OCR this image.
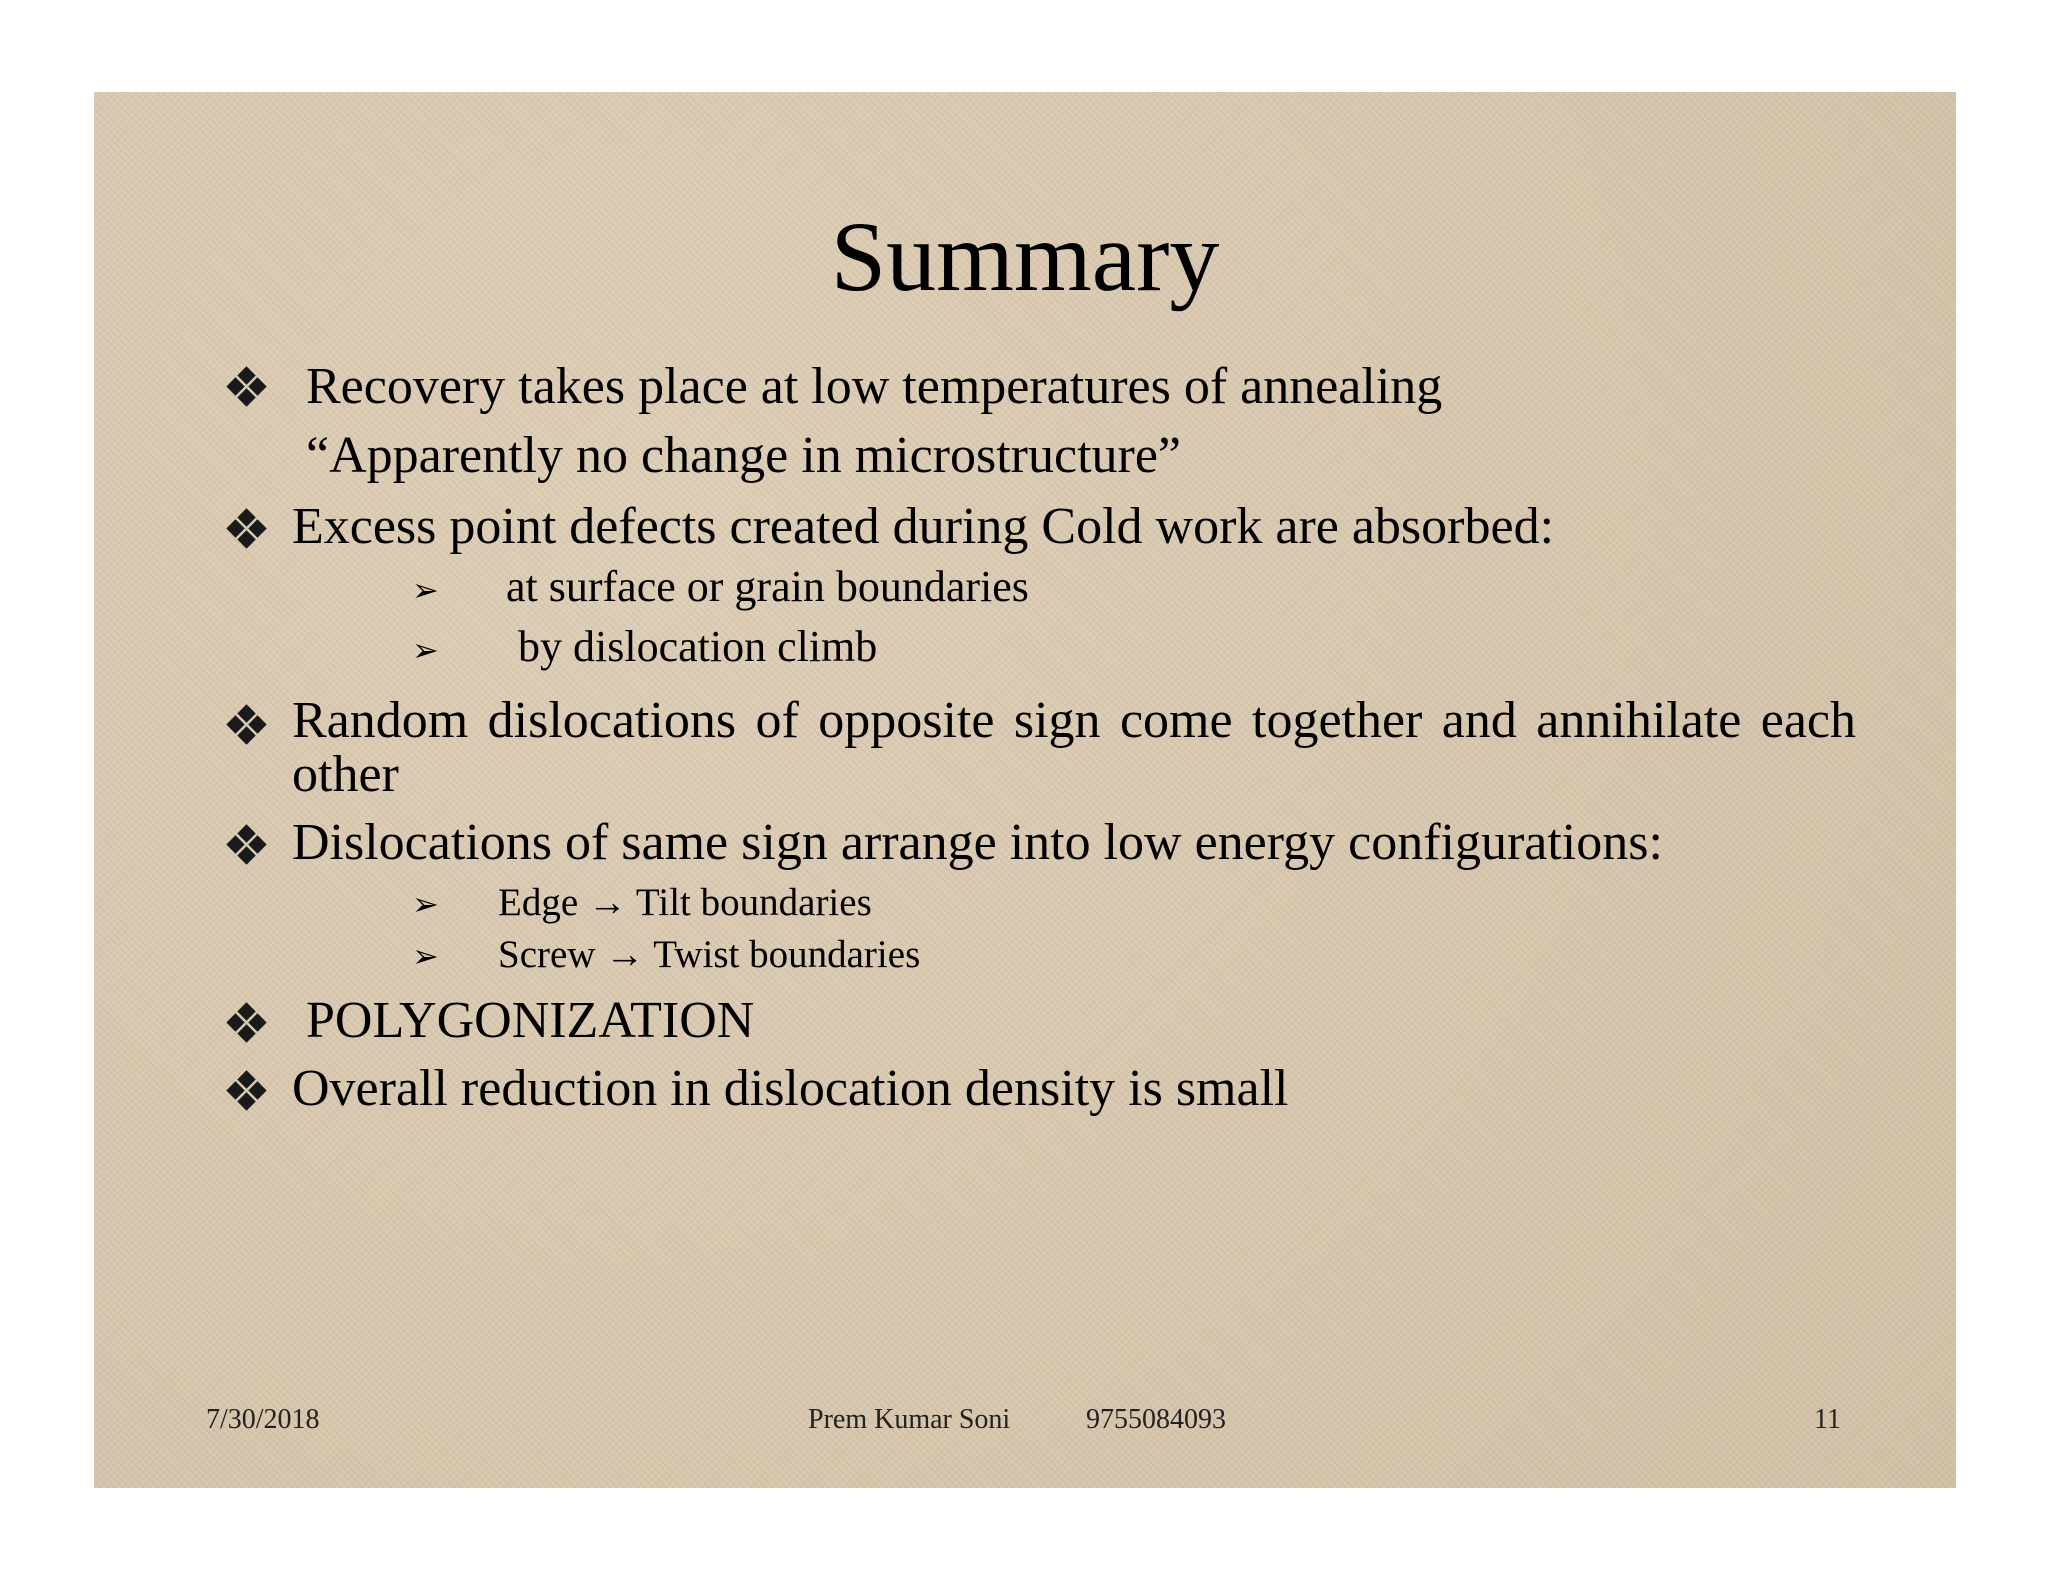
Summary
Recovery takes place at low temperatures of annealing
“Apparently no change in microstructure”
Excess point defects created during Cold work are absorbed:
➢ at surface or grain boundaries
➢ by dislocation climb
Random dislocations of opposite sign come together and annihilate each other
Dislocations of same sign arrange into low energy configurations:
➢ Edge → Tilt boundaries
➢ Screw → Twist boundaries
POLYGONIZATION
Overall reduction in dislocation density is small
7/30/2018	Prem Kumar Soni	9755084093	11
